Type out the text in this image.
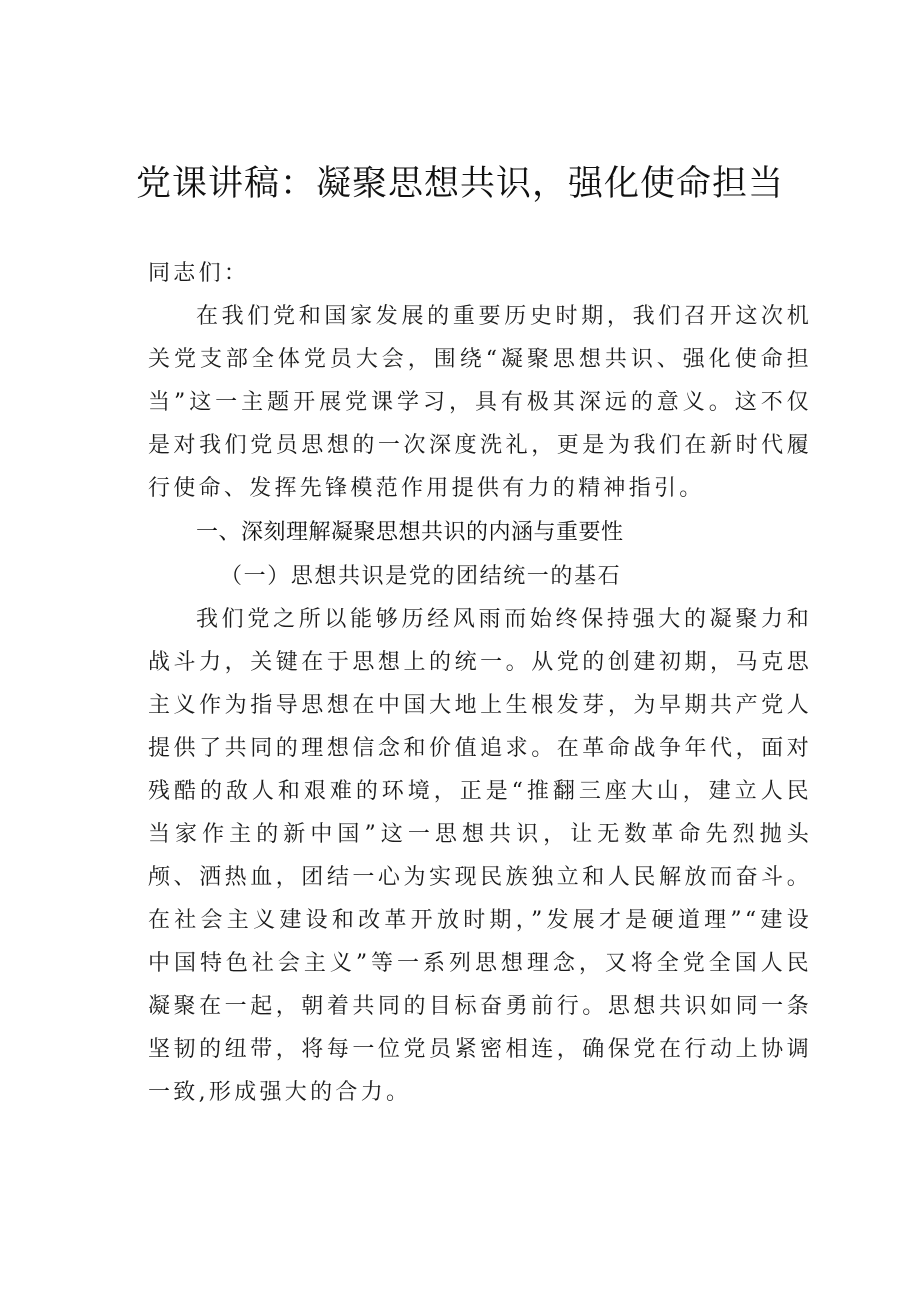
党课讲稿：凝聚思想共识，强化使命担当

同志们：

在我们党和国家发展的重要历史时期，我们召开这次机关党支部全体党员大会，围绕“凝聚思想共识、强化使命担当”这一主题开展党课学习，具有极其深远的意义。这不仅是对我们党员思想的一次深度洗礼，更是为我们在新时代履行使命、发挥先锋模范作用提供有力的精神指引。

一、深刻理解凝聚思想共识的内涵与重要性

（一）思想共识是党的团结统一的基石

我们党之所以能够历经风雨而始终保持强大的凝聚力和战斗力，关键在于思想上的统一。从党的创建初期，马克思主义作为指导思想在中国大地上生根发芽，为早期共产党人提供了共同的理想信念和价值追求。在革命战争年代，面对残酷的敌人和艰难的环境，正是“推翻三座大山，建立人民当家作主的新中国”这一思想共识，让无数革命先烈抛头颅、洒热血，团结一心为实现民族独立和人民解放而奋斗。在社会主义建设和改革开放时期，”发展才是硬道理”“建设中国特色社会主义”等一系列思想理念，又将全党全国人民凝聚在一起，朝着共同的目标奋勇前行。思想共识如同一条坚韧的纽带，将每一位党员紧密相连，确保党在行动上协调一致,形成强大的合力。
